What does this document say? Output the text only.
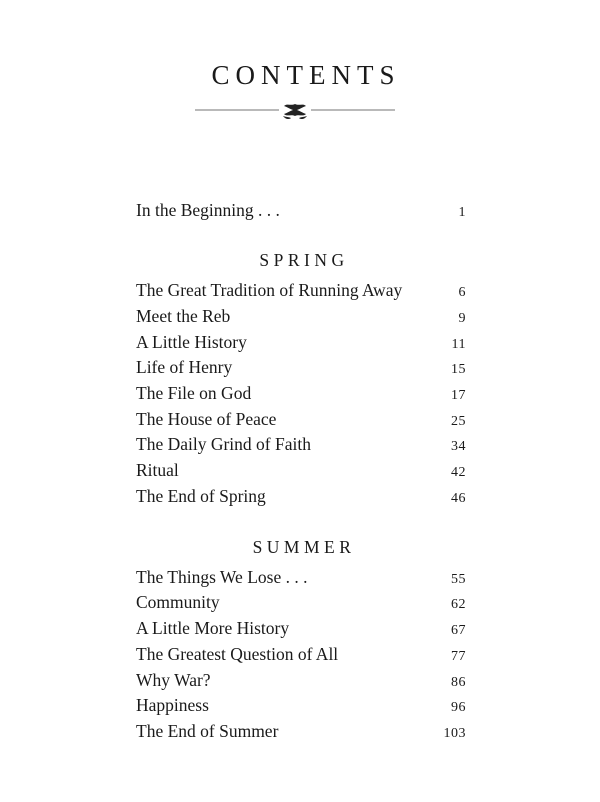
CONTENTS
In the Beginning . . .	1
SPRING
The Great Tradition of Running Away	6
Meet the Reb	9
A Little History	11
Life of Henry	15
The File on God	17
The House of Peace	25
The Daily Grind of Faith	34
Ritual	42
The End of Spring	46
SUMMER
The Things We Lose . . .	55
Community	62
A Little More History	67
The Greatest Question of All	77
Why War?	86
Happiness	96
The End of Summer	103
